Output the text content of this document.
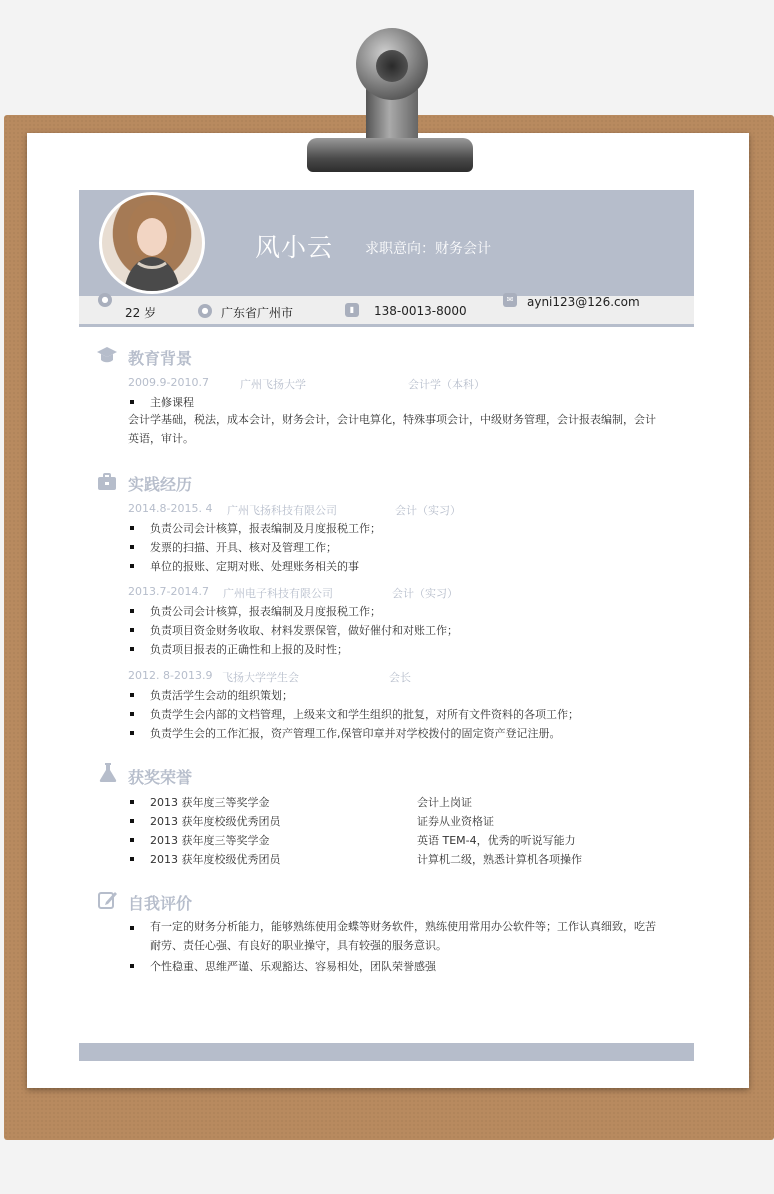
风小云 求职意向：财务会计
●
22 岁	● 广东省广州市	▮	138-0013-8000
✉	ayni123@126.com
教育背景
2009.9-2010.7	广州飞扬大学	会计学（本科）
主修课程
会计学基础，税法，成本会计，财务会计，会计电算化，特殊事项会计，中级财务管理，会计报表编制，会计英语，审计。
实践经历
2014.8-2015. 4 广州飞扬科技有限公司	会计（实习）
负责公司会计核算，报表编制及月度报税工作；
发票的扫描、开具、核对及管理工作；
单位的报账、定期对账、处理账务相关的事
2013.7-2014.7 广州电子科技有限公司	会计（实习）
负责公司会计核算，报表编制及月度报税工作；
负责项目资金财务收取、材料发票保管，做好催付和对账工作；
负责项目报表的正确性和上报的及时性；
2012. 8-2013.9 飞扬大学学生会	会长
负责活学生会动的组织策划；
负责学生会内部的文档管理，上级来文和学生组织的批复，对所有文件资料的各项工作；
负责学生会的工作汇报，资产管理工作,保管印章并对学校拨付的固定资产登记注册。
获奖荣誉
2013 获年度三等奖学金	会计上岗证
2013 获年度校级优秀团员	证券从业资格证
2013 获年度三等奖学金	英语 TEM-4，优秀的听说写能力
2013 获年度校级优秀团员	计算机二级，熟悉计算机各项操作
自我评价
有一定的财务分析能力，能够熟练使用金蝶等财务软件，熟练使用常用办公软件等；工作认真细致，吃苦耐劳、责任心强、有良好的职业操守，具有较强的服务意识。
个性稳重、思维严谨、乐观豁达、容易相处，团队荣誉感强
